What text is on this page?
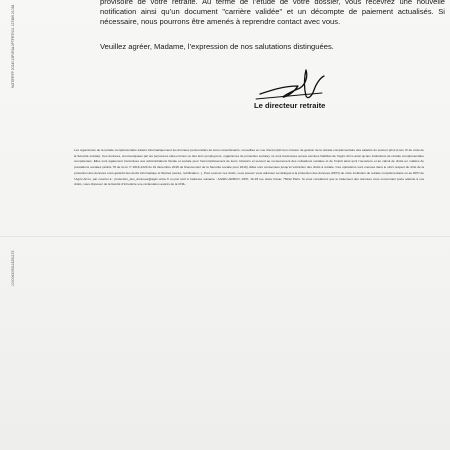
provisoire de votre retraite. Au terme de l’étude de votre dossier, vous recevrez une nouvelle notification ainsi qu’un document "carrière validée" et un décompte de paiement actualisés. Si nécessaire, nous pourrons être amenés à reprendre contact avec vous.

Veuillez agréer, Madame, l’expression de nos salutations distinguées.

Le directeur retraite

Les organismes de la retraite complémentaire traitent informatiquement les données personnelles de leurs ressortissants, recueillies en vue d’accomplir leur mission de gestion de la retraite complémentaire des salariés du secteur privé (Livre IX du code de la Sécurité sociale). Ces données, communiquées par les personnes elles-mêmes ou des tiers (employeurs, organismes de protection sociale), ne sont transmises qu’aux services habilités de l’Agirc-Arrco ainsi qu’aux institutions de retraite complémentaire compétentes. Elles sont également transmises aux administrations fiscale et sociale pour l’accomplissement de leurs missions et servent au recouvrement des cotisations sociales et de l’impôt ainsi qu’à l’ouverture et au calcul de droits en matière de prestations sociales (article 78 de la loi n° 2019-1229 du 22 décembre 2018 de financement de la Sécurité sociale pour 2019). Elles sont conservées jusqu’à l’extinction des droits à retraite. Ces opérations sont menées dans le strict respect du droit de la protection des données vous garantit des droits informatique et libertés (accès, rectification...). Pour exercer ces droits, vous pouvez vous adresser au délégué à la protection des données (DPO) de votre institution de retraite complémentaire ou au DPO de l’Agirc-Arrco, par courriel à : protection_des_donnees@agirc-arrco.fr ou par écrit à l’adresse suivante : AGIRC-ARRCO, DPO, 16-18 rue Jules César, 75012 Paris. Si vous considérez que le traitement des données vous concernant porte atteinte à vos droits, vous disposez de la faculté d’introduire une réclamation auprès de la CNIL.

NOTIFRTP 2024013P0RAL0PTFRTN01 127489 21038

1000063093113291173
